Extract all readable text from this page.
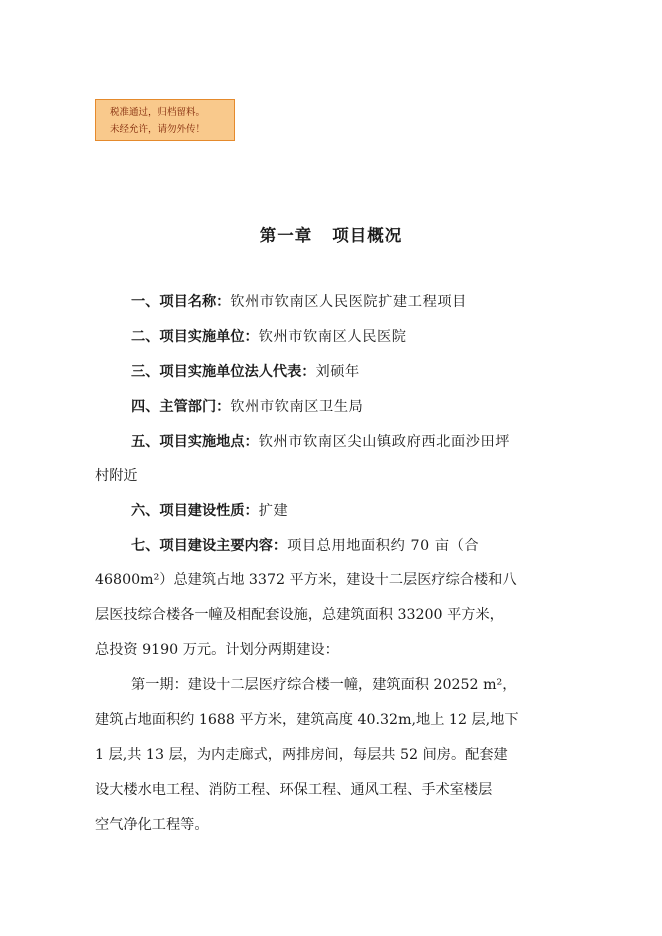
税准通过，归档留料。
未经允许，请勿外传！
第一章 项目概况
一、项目名称：钦州市钦南区人民医院扩建工程项目
二、项目实施单位：钦州市钦南区人民医院
三、项目实施单位法人代表：刘硕年
四、主管部门：钦州市钦南区卫生局
五、项目实施地点：钦州市钦南区尖山镇政府西北面沙田坪
村附近
六、项目建设性质：扩建
七、项目建设主要内容：项目总用地面积约 70 亩（合
46800m²）总建筑占地 3372 平方米，建设十二层医疗综合楼和八
层医技综合楼各一幢及相配套设施，总建筑面积 33200 平方米，
总投资 9190 万元。计划分两期建设：
第一期：建设十二层医疗综合楼一幢，建筑面积 20252 m²，
建筑占地面积约 1688 平方米，建筑高度 40.32m,地上 12 层,地下
1 层,共 13 层，为内走廊式，两排房间，每层共 52 间房。配套建
设大楼水电工程、消防工程、环保工程、通风工程、手术室楼层
空气净化工程等。
